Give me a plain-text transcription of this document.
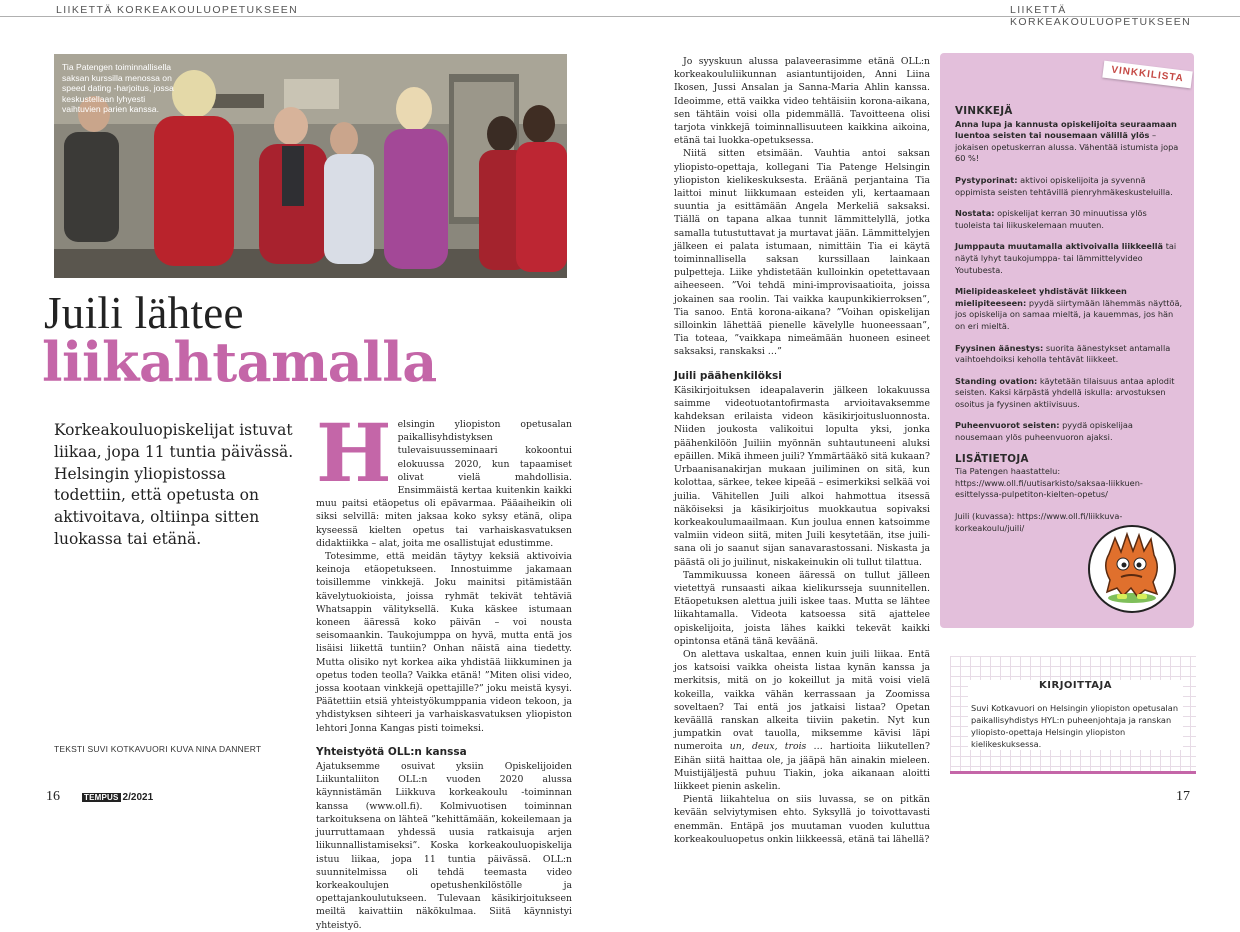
LIIKETTÄ KORKEAKOULUOPETUKSEEN	LIIKETTÄ KORKEAKOULUOPETUKSEEN
Tia Patengen toiminnallisella saksan kurssilla menossa on speed dating -harjoitus, jossa keskustellaan lyhyesti vaihtuvien parien kanssa.
Juili lähtee
liikahtamalla
Korkeakouluopiskelijat istuvat liikaa, jopa 11 tuntia päivässä. Helsingin yliopistossa todettiin, että opetusta on aktivoitava, oltiinpa sitten luokassa tai etänä.
TEKSTI SUVI KOTKAVUORI KUVA NINA DANNERT

Helsingin yliopiston opetusalan paikallisyhdistyksen tulevaisuusseminaari kokoontui elokuussa 2020, kun tapaamiset olivat vielä mahdollisia. Ensimmäistä kertaa kuitenkin kaikki muu paitsi etäopetus oli epävarmaa. Pääaiheikin oli siksi selvillä: miten jaksaa koko syksy etänä, olipa kyseessä kielten opetus tai varhaiskasvatuksen didaktiikka – alat, joita me osallistujat edustimme.

Totesimme, että meidän täytyy keksiä aktivoivia keinoja etäopetukseen. Innostuimme jakamaan toisillemme vinkkejä. Joku mainitsi pitämistään kävelytuokioista, joissa ryhmät tekivät tehtäviä Whatsappin välityksellä. Kuka käskee istumaan koneen ääressä koko päivän – voi nousta seisomaankin. Taukojumppa on hyvä, mutta entä jos lisäisi liikettä tuntiin? Onhan näistä aina tiedetty. Mutta olisiko nyt korkea aika yhdistää liikkuminen ja opetus toden teolla? Vaikka etänä! ”Miten olisi video, jossa kootaan vinkkejä opettajille?” joku meistä kysyi. Päätettiin etsiä yhteistyökumppania videon tekoon, ja yhdistyksen sihteeri ja varhaiskasvatuksen yliopiston lehtori Jonna Kangas pisti toimeksi.

Yhteistyötä OLL:n kanssa

Ajatuksemme osuivat yksiin Opiskelijoiden Liikuntaliiton OLL:n vuoden 2020 alussa käynnistämän Liikkuva korkeakoulu -toiminnan kanssa (www.oll.fi). Kolmivuotisen toiminnan tarkoituksena on lähteä ”kehittämään, kokeilemaan ja juurruttamaan yhdessä uusia ratkaisuja arjen liikunnallistamiseksi”. Koska korkeakouluopiskelija istuu liikaa, jopa 11 tuntia päivässä. OLL:n suunnitelmissa oli tehdä teemasta video korkeakoulujen opetushenkilöstölle ja opettajankoulutukseen. Tulevaan käsikirjoitukseen meiltä kaivattiin näkökulmaa. Siitä käynnistyi yhteistyö.

Jo syyskuun alussa palaveerasimme etänä OLL:n korkeakoululiikunnan asiantuntijoiden, Anni Liina Ikosen, Jussi Ansalan ja Sanna-Maria Ahlin kanssa. Ideoimme, että vaikka video tehtäisiin korona-aikana, sen tähtäin voisi olla pidemmällä. Tavoitteena olisi tarjota vinkkejä toiminnallisuuteen kaikkina aikoina, etänä tai luokka-opetuksessa.

Niitä sitten etsimään. Vauhtia antoi saksan yliopisto-opettaja, kollegani Tia Patenge Helsingin yliopiston kielikeskuksesta. Eräänä perjantaina Tia laittoi minut liikkumaan esteiden yli, kertaamaan suuntia ja esittämään Angela Merkeliä saksaksi. Tiällä on tapana alkaa tunnit lämmittelyllä, jotka samalla tutustuttavat ja murtavat jään. Lämmittelyjen jälkeen ei palata istumaan, nimittäin Tia ei käytä toiminnallisella saksan kurssillaan lainkaan pulpetteja. Liike yhdistetään kulloinkin opetettavaan aiheeseen. ”Voi tehdä mini-improvisaatioita, joissa jokainen saa roolin. Tai vaikka kaupunkikierroksen”, Tia sanoo. Entä korona-aikana? ”Voihan opiskelijan silloinkin lähettää pienelle kävelylle huoneessaan”, Tia toteaa, ”vaikkapa nimeämään huoneen esineet saksaksi, ranskaksi …”

Juili päähenkilöksi

Käsikirjoituksen ideapalaverin jälkeen lokakuussa saimme videotuotantofirmasta arvioitavaksemme kahdeksan erilaista videon käsikirjoitusluonnosta. Niiden joukosta valikoitui lopulta yksi, jonka päähenkilöön Juiliin myönnän suhtautuneeni aluksi epäillen. Mikä ihmeen juili? Ymmärtääkö sitä kukaan? Urbaanisanakirjan mukaan juiliminen on sitä, kun kolottaa, särkee, tekee kipeää – esimerkiksi selkää voi juilia. Vähitellen Juili alkoi hahmottua itsessä näköiseksi ja käsikirjoitus muokkautua sopivaksi korkeakoulumaailmaan. Kun joulua ennen katsoimme valmiin videon siitä, miten Juili kesytetään, itse juili-sana oli jo saanut sijan sanavarastossani. Niskasta ja päästä oli jo juilinut, niskakeinukin oli tullut tilattua.

Tammikuussa koneen ääressä on tullut jälleen vietettyä runsaasti aikaa kielikursseja suunnitellen. Etäopetuksen alettua juili iskee taas. Mutta se lähtee liikahtamalla. Videota katsoessa sitä ajattelee opiskelijoita, joista lähes kaikki tekevät kaikki opintonsa etänä tänä keväänä.

On alettava uskaltaa, ennen kuin juili liikaa. Entä jos katsoisi vaikka oheista listaa kynän kanssa ja merkitsis, mitä on jo kokeillut ja mitä voisi vielä kokeilla, vaikka vähän kerrassaan ja Zoomissa soveltaen? Tai entä jos jatkaisi listaa? Opetan keväällä ranskan alkeita tiiviin paketin. Nyt kun jumpatkin ovat tauolla, miksemme kävisi läpi numeroita un, deux, trois … hartioita liikutellen? Eihän siitä haittaa ole, ja jääpä hän ainakin mieleen. Muistijäljestä puhuu Tiakin, joka aikanaan aloitti liikkeet pienin askelin.

Pientä liikahtelua on siis luvassa, se on pitkän kevään selviytymisen ehto. Syksyllä jo toivottavasti enemmän. Entäpä jos muutaman vuoden kuluttua korkeakouluopetus onkin liikkeessä, etänä tai lähellä?

VINKKILISTA
VINKKEJÄ

Anna lupa ja kannusta opiskelijoita seuraamaan luentoa seisten tai nousemaan välillä ylös – jokaisen opetuskerran alussa. Vähentää istumista jopa 60 %!

Pystyporinat: aktivoi opiskelijoita ja syvennä oppimista seisten tehtävillä pienryhmäkeskusteluilla.

Nostata: opiskelijat kerran 30 minuutissa ylös tuoleista tai liikuskelemaan muuten.

Jumppauta muutamalla aktivoivalla liikkeellä tai näytä lyhyt taukojumppa- tai lämmittelyvideo Youtubesta.

Mielipideaskeleet yhdistävät liikkeen mielipiteeseen: pyydä siirtymään lähemmäs näyttöä, jos opiskelija on samaa mieltä, ja kauemmas, jos hän on eri mieltä.

Fyysinen äänestys: suorita äänestykset antamalla vaihtoehdoiksi keholla tehtävät liikkeet.

Standing ovation: käytetään tilaisuus antaa aplodit seisten. Kaksi kärpästä yhdellä iskulla: arvostuksen osoitus ja fyysinen aktiivisuus.

Puheenvuorot seisten: pyydä opiskelijaa nousemaan ylös puheenvuoron ajaksi.

LISÄTIETOJA

Tia Patengen haastattelu: https://www.oll.fi/uutisarkisto/saksaa-liikkuen-esittelyssa-pulpetiton-kielten-opetus/

Juili (kuvassa): https://www.oll.fi/liikkuva-korkeakoulu/juili/

KIRJOITTAJA
Suvi Kotkavuori on Helsingin yliopiston opetusalan paikallisyhdistys HYL:n puheenjohtaja ja ranskan yliopisto-opettaja Helsingin yliopiston kielikeskuksessa.
16	TEMPUS 2/2021	17
